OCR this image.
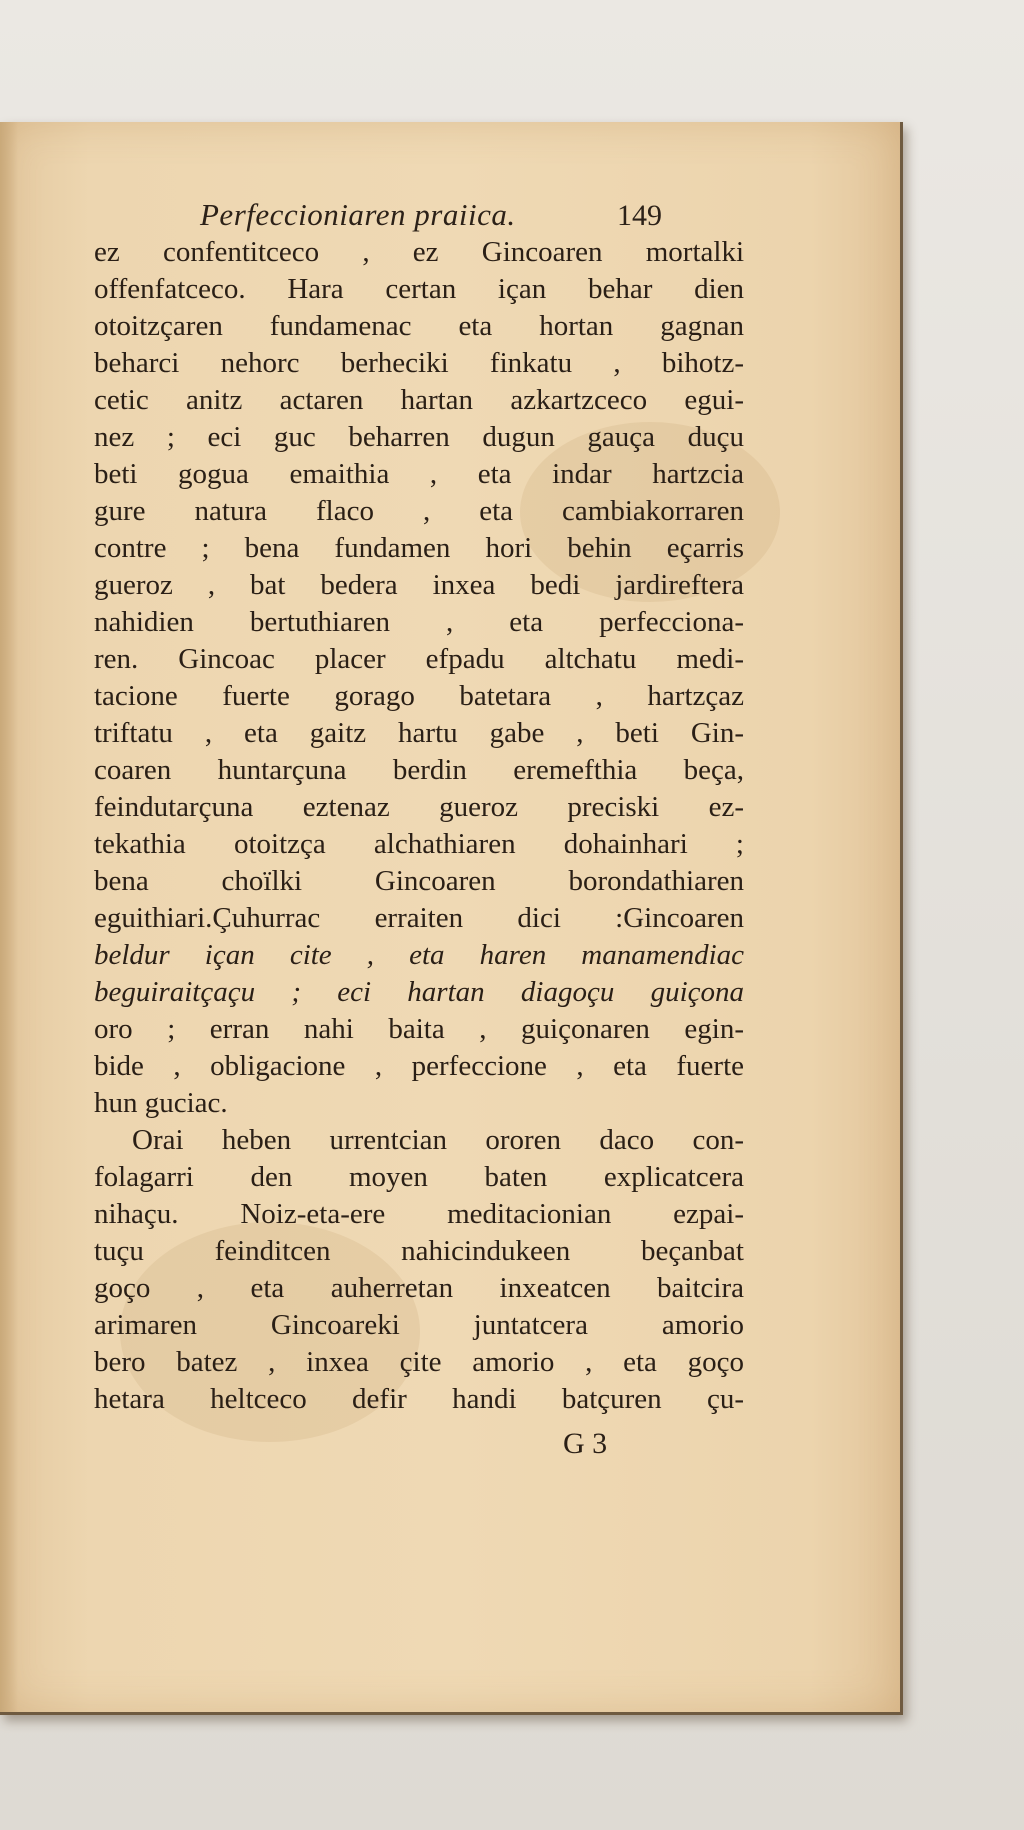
Perfeccioniaren praiica.	149
ez confentitceco , ez Gincoaren mortalki
offenfatceco. Hara certan içan behar dien
otoitzçaren fundamenac eta hortan gagnan
beharci nehorc berheciki finkatu , bihotz-
cetic anitz actaren hartan azkartzceco egui-
nez ; eci guc beharren dugun gauça duçu
beti gogua emaithia , eta indar hartzcia
gure natura flaco , eta cambiakorraren
contre ; bena fundamen hori behin eçarris
gueroz , bat bedera inxea bedi jardireftera
nahidien bertuthiaren , eta perfecciona-
ren. Gincoac placer efpadu altchatu medi-
tacione fuerte gorago batetara , hartzçaz
triftatu , eta gaitz hartu gabe , beti Gin-
coaren huntarçuna berdin eremefthia beça,
feindutarçuna eztenaz gueroz preciski ez-
tekathia otoitzça alchathiaren dohainhari ;
bena choïlki Gincoaren borondathiaren
eguithiari.Çuhurrac erraiten dici :Gincoaren
beldur içan cite , eta haren manamendiac
beguiraitçaçu ; eci hartan diagoçu guiçona
oro ; erran nahi baita , guiçonaren egin-
bide , obligacione , perfeccione , eta fuerte
hun guciac.
Orai heben urrentcian ororen daco con-
folagarri den moyen baten explicatcera
nihaçu. Noiz-eta-ere meditacionian ezpai-
tuçu feinditcen nahicindukeen beçanbat
goço , eta auherretan inxeatcen baitcira
arimaren Gincoareki juntatcera amorio
bero batez , inxea çite amorio , eta goço
hetara heltceco defir handi batçuren çu-
G 3
